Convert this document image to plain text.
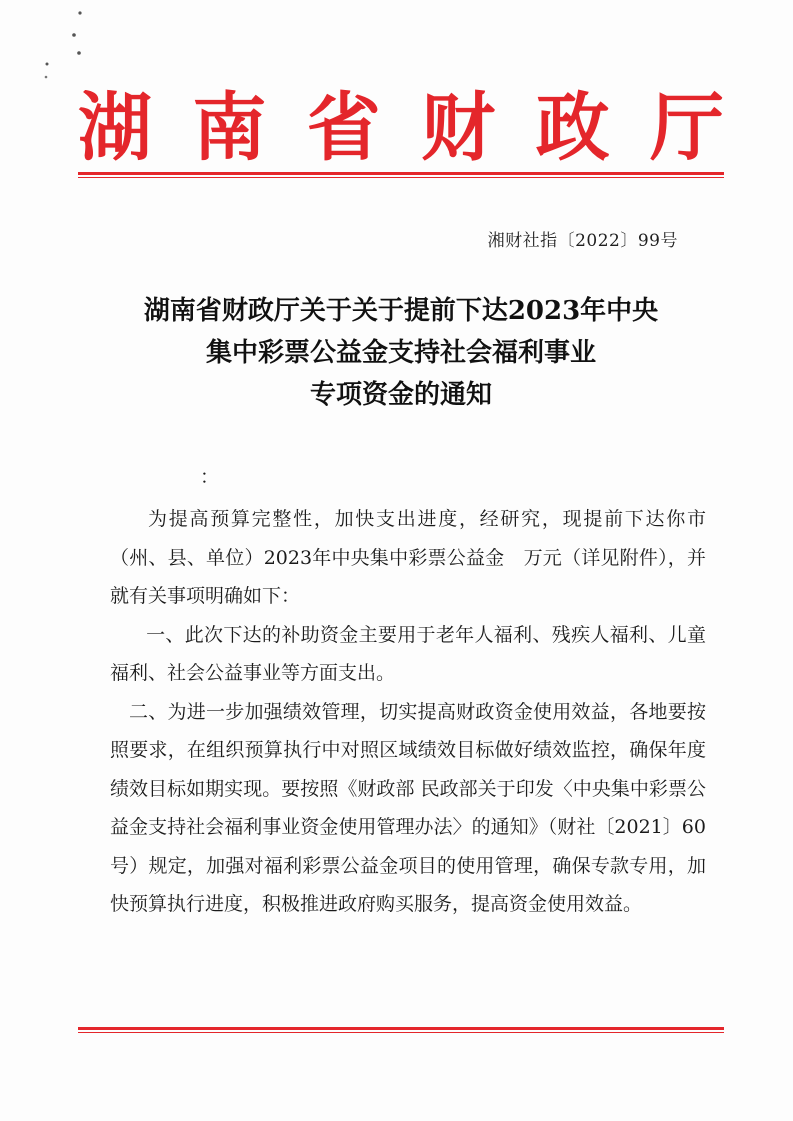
湖 南 省 财 政 厅
湘财社指〔2022〕99号
湖南省财政厅关于关于提前下达2023年中央
集中彩票公益金支持社会福利事业
专项资金的通知
：

为提高预算完整性，加快支出进度，经研究，现提前下达你市（州、县、单位）2023年中央集中彩票公益金　万元（详见附件），并就有关事项明确如下：

一、此次下达的补助资金主要用于老年人福利、残疾人福利、儿童福利、社会公益事业等方面支出。

二、为进一步加强绩效管理，切实提高财政资金使用效益，各地要按照要求，在组织预算执行中对照区域绩效目标做好绩效监控，确保年度绩效目标如期实现。要按照《财政部 民政部关于印发〈中央集中彩票公益金支持社会福利事业资金使用管理办法〉的通知》（财社〔2021〕60号）规定，加强对福利彩票公益金项目的使用管理，确保专款专用，加快预算执行进度，积极推进政府购买服务，提高资金使用效益。
